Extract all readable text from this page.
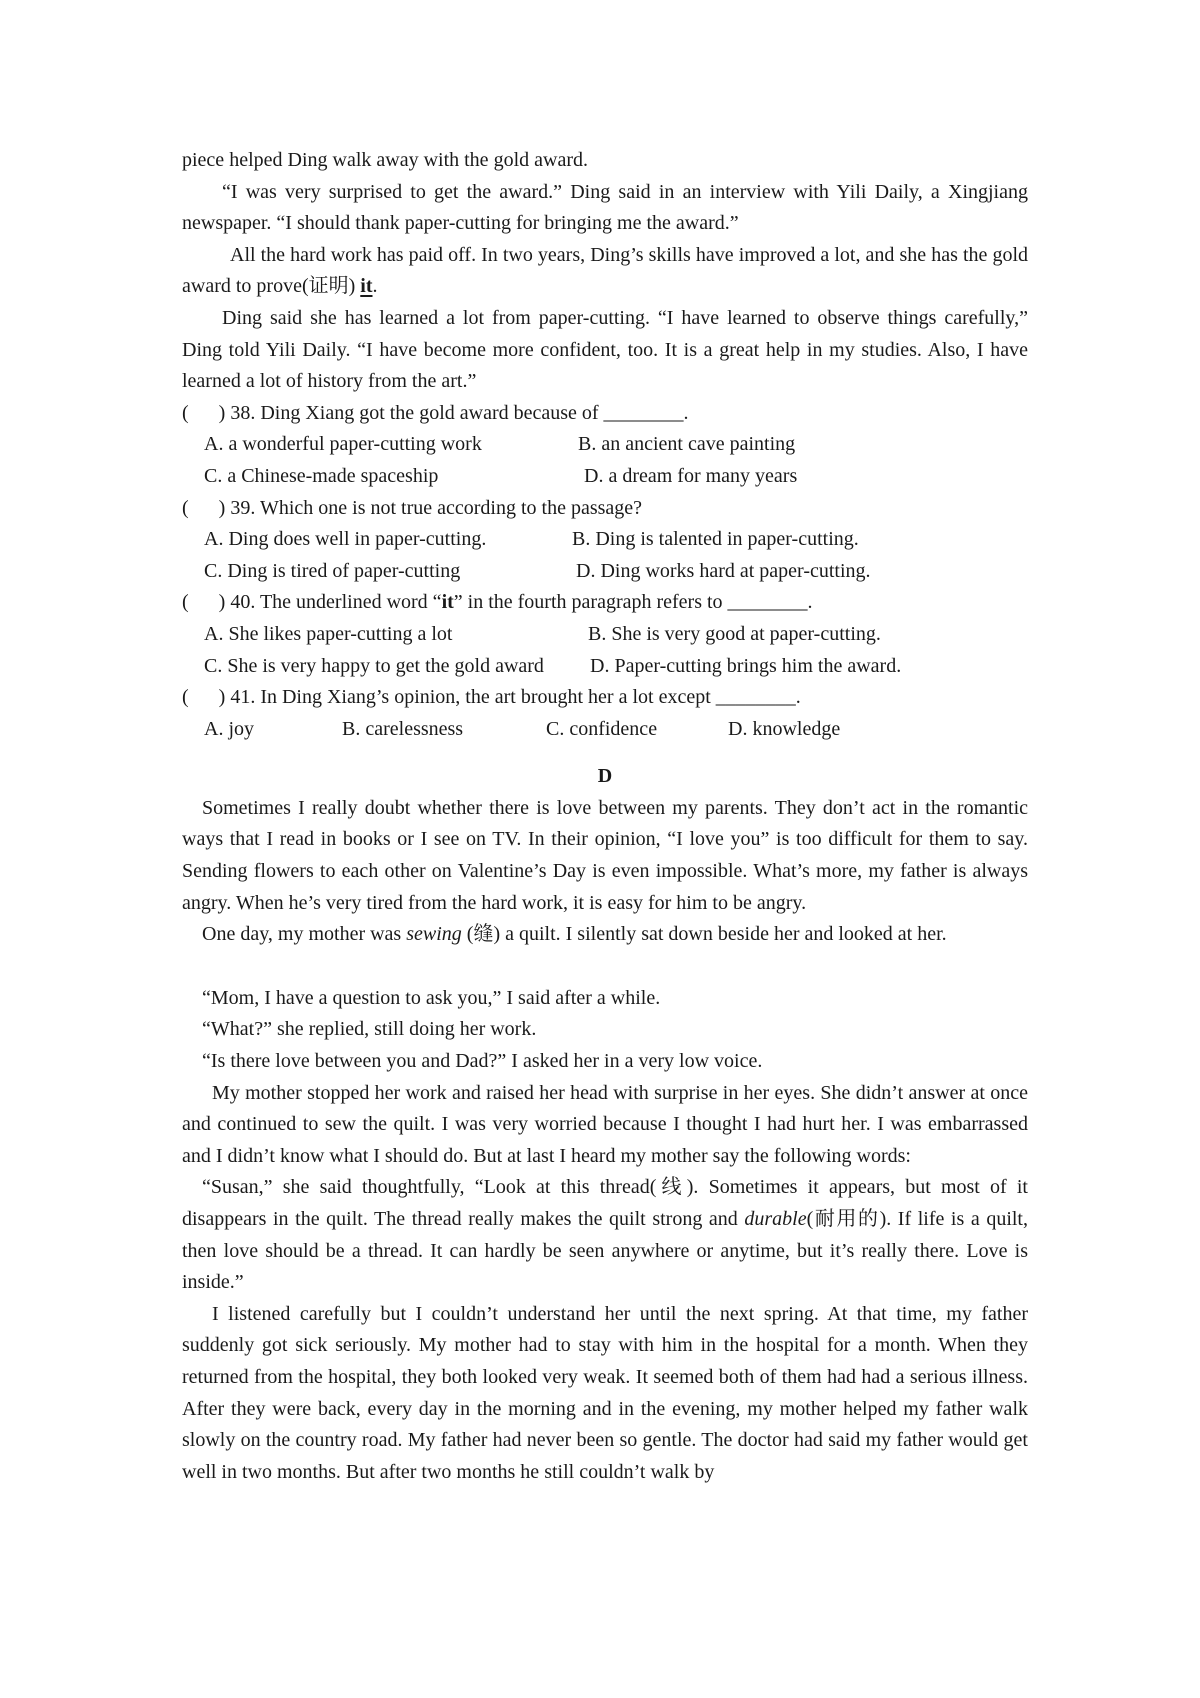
piece helped Ding walk away with the gold award.

“I was very surprised to get the award.” Ding said in an interview with Yili Daily, a Xingjiang newspaper. “I should thank paper-cutting for bringing me the award.”

All the hard work has paid off. In two years, Ding’s skills have improved a lot, and she has the gold award to prove(证明) it.

Ding said she has learned a lot from paper-cutting. “I have learned to observe things carefully,” Ding told Yili Daily. “I have become more confident, too. It is a great help in my studies. Also, I have learned a lot of history from the art.”

(      ) 38. Ding Xiang got the gold award because of ________.

A. a wonderful paper-cutting work	B. an ancient cave painting
C. a Chinese-made spaceship	D. a dream for many years

(      ) 39. Which one is not true according to the passage?

A. Ding does well in paper-cutting.	B. Ding is talented in paper-cutting.
C. Ding is tired of paper-cutting	D. Ding works hard at paper-cutting.

(      ) 40. The underlined word “it” in the fourth paragraph refers to ________.

A. She likes paper-cutting a lot	B. She is very good at paper-cutting.
C. She is very happy to get the gold award	D. Paper-cutting brings him the award.

(      ) 41. In Ding Xiang’s opinion, the art brought her a lot except ________.

A. joy	B. carelessness	C. confidence	D. knowledge

D

Sometimes I really doubt whether there is love between my parents. They don’t act in the romantic ways that I read in books or I see on TV. In their opinion, “I love you” is too difficult for them to say. Sending flowers to each other on Valentine’s Day is even impossible. What’s more, my father is always angry. When he’s very tired from the hard work, it is easy for him to be angry.

One day, my mother was sewing (缝) a quilt. I silently sat down beside her and looked at her.

“Mom, I have a question to ask you,” I said after a while.

“What?” she replied, still doing her work.

“Is there love between you and Dad?” I asked her in a very low voice.

My mother stopped her work and raised her head with surprise in her eyes. She didn’t answer at once and continued to sew the quilt. I was very worried because I thought I had hurt her. I was embarrassed and I didn’t know what I should do. But at last I heard my mother say the following words:

“Susan,” she said thoughtfully, “Look at this thread(线). Sometimes it appears, but most of it disappears in the quilt. The thread really makes the quilt strong and durable(耐用的). If life is a quilt, then love should be a thread. It can hardly be seen anywhere or anytime, but it’s really there. Love is inside.”

I listened carefully but I couldn’t understand her until the next spring. At that time, my father suddenly got sick seriously. My mother had to stay with him in the hospital for a month. When they returned from the hospital, they both looked very weak. It seemed both of them had had a serious illness. After they were back, every day in the morning and in the evening, my mother helped my father walk slowly on the country road. My father had never been so gentle. The doctor had said my father would get well in two months. But after two months he still couldn’t walk by
